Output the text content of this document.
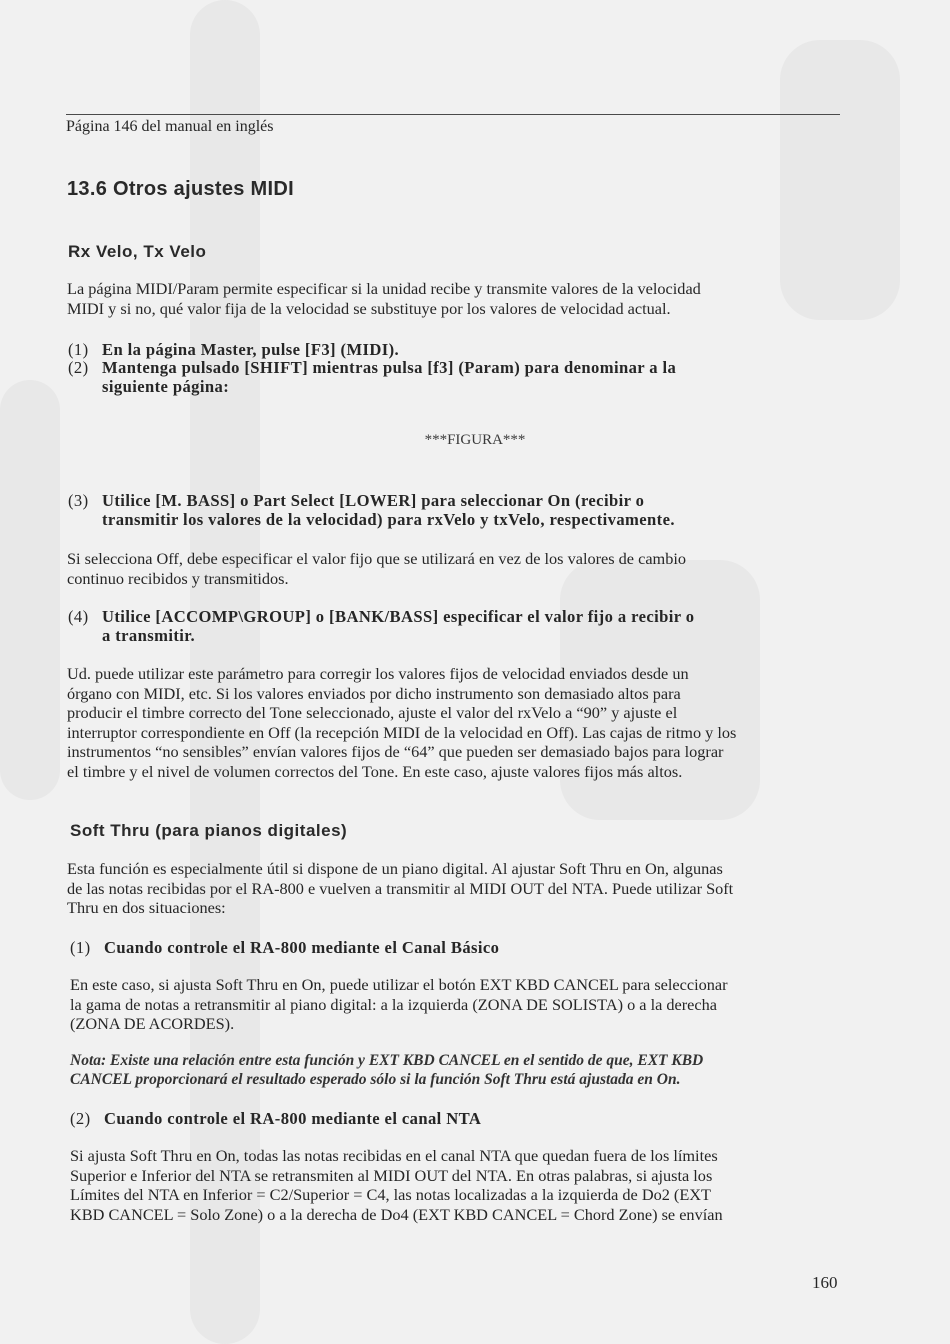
Página 146 del manual en inglés

13.6 Otros ajustes MIDI
Rx Velo, Tx Velo
La página MIDI/Param permite especificar si la unidad recibe y transmite valores de la velocidad
MIDI y si no, qué valor fija de la velocidad se substituye por los valores de velocidad actual.
(1) En la página Master, pulse [F3] (MIDI).
(2) Mantenga pulsado [SHIFT] mientras pulsa [f3] (Param) para denominar a la
siguiente página:

***FIGURA***

(3) Utilice [M. BASS] o Part Select [LOWER] para seleccionar On (recibir o
transmitir los valores de la velocidad) para rxVelo y txVelo, respectivamente.
Si selecciona Off, debe especificar el valor fijo que se utilizará en vez de los valores de cambio
continuo recibidos y transmitidos.
(4) Utilice [ACCOMP\GROUP] o [BANK/BASS] especificar el valor fijo a recibir o
a transmitir.
Ud. puede utilizar este parámetro para corregir los valores fijos de velocidad enviados desde un
órgano con MIDI, etc. Si los valores enviados por dicho instrumento son demasiado altos para
producir el timbre correcto del Tone seleccionado, ajuste el valor del rxVelo a “90” y ajuste el
interruptor correspondiente en Off (la recepción MIDI de la velocidad en Off). Las cajas de ritmo y los
instrumentos “no sensibles” envían valores fijos de “64” que pueden ser demasiado bajos para lograr
el timbre y el nivel de volumen correctos del Tone. En este caso, ajuste valores fijos más altos.
Soft Thru (para pianos digitales)
Esta función es especialmente útil si dispone de un piano digital. Al ajustar Soft Thru en On, algunas
de las notas recibidas por el RA-800 e vuelven a transmitir al MIDI OUT del NTA. Puede utilizar Soft
Thru en dos situaciones:
(1) Cuando controle el RA-800 mediante el Canal Básico
En este caso, si ajusta Soft Thru en On, puede utilizar el botón EXT KBD CANCEL para seleccionar
la gama de notas a retransmitir al piano digital: a la izquierda (ZONA DE SOLISTA) o a la derecha
(ZONA DE ACORDES).
Nota: Existe una relación entre esta función y EXT KBD CANCEL en el sentido de que, EXT KBD
CANCEL proporcionará el resultado esperado sólo si la función Soft Thru está ajustada en On.
(2) Cuando controle el RA-800 mediante el canal NTA
Si ajusta Soft Thru en On, todas las notas recibidas en el canal NTA que quedan fuera de los límites
Superior e Inferior del NTA se retransmiten al MIDI OUT del NTA. En otras palabras, si ajusta los
Límites del NTA en Inferior = C2/Superior = C4, las notas localizadas a la izquierda de Do2 (EXT
KBD CANCEL = Solo Zone) o a la derecha de Do4 (EXT KBD CANCEL = Chord Zone) se envían

160
